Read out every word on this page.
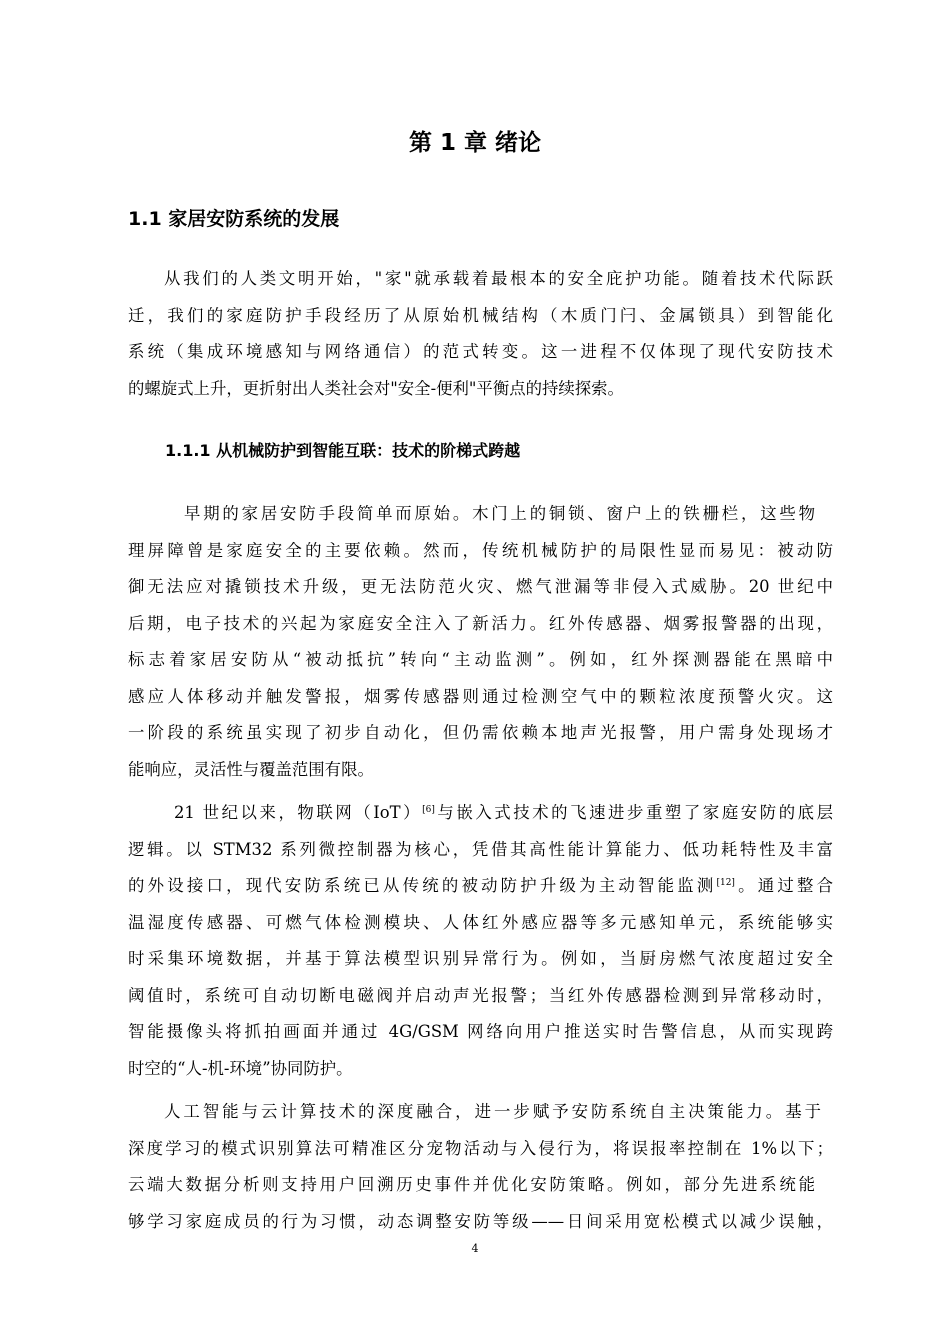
第 1 章 绪论
1.1 家居安防系统的发展
从我们的人类文明开始，"家"就承载着最根本的安全庇护功能。随着技术代际跃
迁，我们的家庭防护手段经历了从原始机械结构（木质门闩、金属锁具）到智能化
系统（集成环境感知与网络通信）的范式转变。这一进程不仅体现了现代安防技术
的螺旋式上升，更折射出人类社会对"安全-便利"平衡点的持续探索。
1.1.1 从机械防护到智能互联：技术的阶梯式跨越
早期的家居安防手段简单而原始。木门上的铜锁、窗户上的铁栅栏，这些物
理屏障曾是家庭安全的主要依赖。然而，传统机械防护的局限性显而易见：被动防
御无法应对撬锁技术升级，更无法防范火灾、燃气泄漏等非侵入式威胁。20 世纪中
后期，电子技术的兴起为家庭安全注入了新活力。红外传感器、烟雾报警器的出现，
标志着家居安防从“被动抵抗”转向“主动监测”。例如，红外探测器能在黑暗中
感应人体移动并触发警报，烟雾传感器则通过检测空气中的颗粒浓度预警火灾。这
一阶段的系统虽实现了初步自动化，但仍需依赖本地声光报警，用户需身处现场才
能响应，灵活性与覆盖范围有限。
21 世纪以来，物联网（IoT）[6]与嵌入式技术的飞速进步重塑了家庭安防的底层
逻辑。以 STM32 系列微控制器为核心，凭借其高性能计算能力、低功耗特性及丰富
的外设接口，现代安防系统已从传统的被动防护升级为主动智能监测[12]。通过整合
温湿度传感器、可燃气体检测模块、人体红外感应器等多元感知单元，系统能够实
时采集环境数据，并基于算法模型识别异常行为。例如，当厨房燃气浓度超过安全
阈值时，系统可自动切断电磁阀并启动声光报警；当红外传感器检测到异常移动时，
智能摄像头将抓拍画面并通过 4G/GSM 网络向用户推送实时告警信息，从而实现跨
时空的“人-机-环境”协同防护。
人工智能与云计算技术的深度融合，进一步赋予安防系统自主决策能力。基于
深度学习的模式识别算法可精准区分宠物活动与入侵行为，将误报率控制在 1%以下；
云端大数据分析则支持用户回溯历史事件并优化安防策略。例如，部分先进系统能
够学习家庭成员的行为习惯，动态调整安防等级——日间采用宽松模式以减少误触，
4
